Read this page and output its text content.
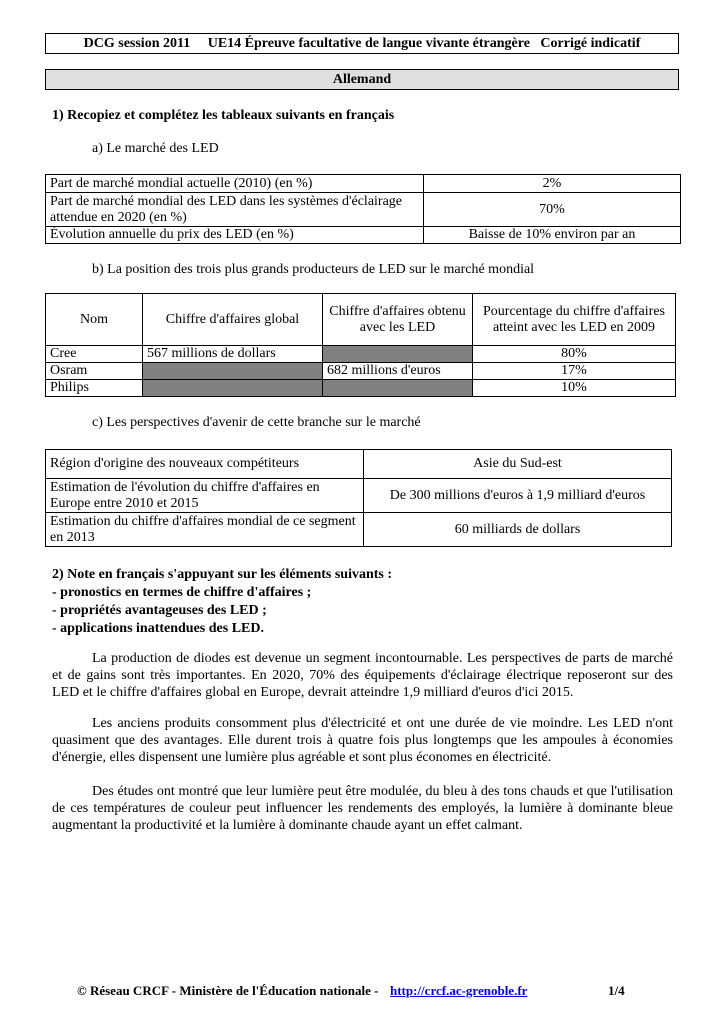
DCG session 2011     UE14 Épreuve facultative de langue vivante étrangère   Corrigé indicatif
Allemand
1) Recopiez et complétez les tableaux suivants en français
a) Le marché des LED
Part de marché mondial actuelle (2010) (en %)	2%
Part de marché mondial des LED dans les systèmes d'éclairage attendue en 2020 (en %)	70%
Évolution annuelle du prix des LED (en %)	Baisse de 10% environ par an
b) La position des trois plus grands producteurs de LED sur le marché mondial
Nom	Chiffre d'affaires global	Chiffre d'affaires obtenu avec les LED	Pourcentage du chiffre d'affaires atteint avec les LED en 2009
Cree	567 millions de dollars		80%
Osram		682 millions d'euros	17%
Philips			10%
c) Les perspectives d'avenir de cette branche sur le marché
Région d'origine des nouveaux compétiteurs	Asie du Sud-est
Estimation de l'évolution du chiffre d'affaires en Europe entre 2010 et 2015	De 300 millions d'euros à 1,9 milliard d'euros
Estimation du chiffre d'affaires mondial de ce segment en 2013	60 milliards de dollars
2) Note en français s'appuyant sur les éléments suivants :
- pronostics en termes de chiffre d'affaires ;
- propriétés avantageuses des LED ;
- applications inattendues des LED.
La production de diodes est devenue un segment incontournable. Les perspectives de parts de marché et de gains sont très importantes. En 2020, 70% des équipements d'éclairage électrique reposeront sur des LED et le chiffre d'affaires global en Europe, devrait atteindre 1,9 milliard d'euros d'ici 2015.
Les anciens produits consomment plus d'électricité et ont une durée de vie moindre. Les LED n'ont quasiment que des avantages. Elle durent trois à quatre fois plus longtemps que les ampoules à économies d'énergie, elles dispensent une lumière plus agréable et sont plus économes en électricité.
Des études ont montré que leur lumière peut être modulée, du bleu à des tons chauds et que l'utilisation de ces températures de couleur peut influencer les rendements des employés, la lumière à dominante bleue augmentant la productivité et la lumière à dominante chaude ayant un effet calmant.
© Réseau CRCF - Ministère de l'Éducation nationale - http://crcf.ac-grenoble.fr	1/4
